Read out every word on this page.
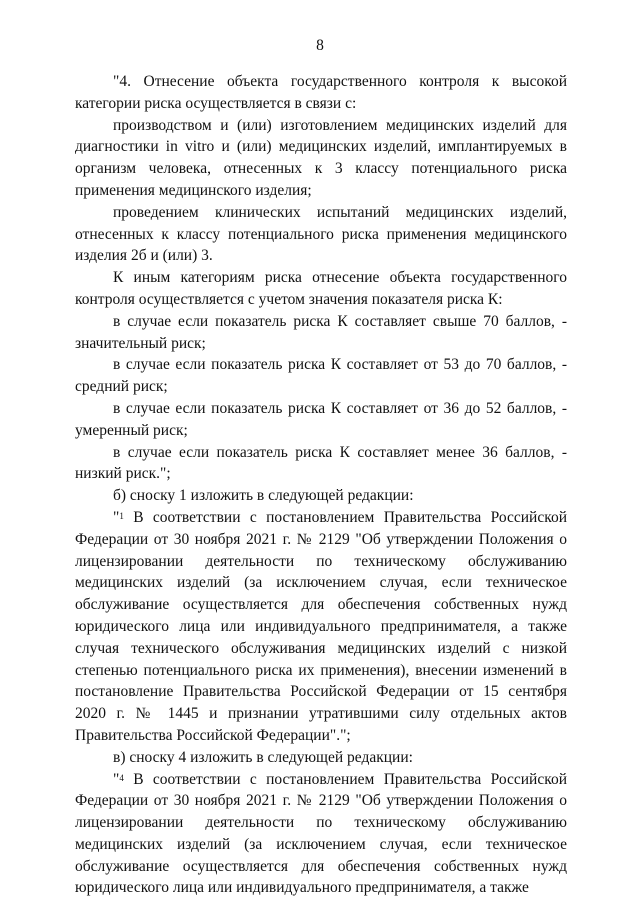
8

"4. Отнесение объекта государственного контроля к высокой категории риска осуществляется в связи с:

производством и (или) изготовлением медицинских изделий для диагностики in vitro и (или) медицинских изделий, имплантируемых в организм человека, отнесенных к 3 классу потенциального риска применения медицинского изделия;

проведением клинических испытаний медицинских изделий, отнесенных к классу потенциального риска применения медицинского изделия 2б и (или) 3.

К иным категориям риска отнесение объекта государственного контроля осуществляется с учетом значения показателя риска К:

в случае если показатель риска К составляет свыше 70 баллов, - значительный риск;

в случае если показатель риска К составляет от 53 до 70 баллов, - средний риск;

в случае если показатель риска К составляет от 36 до 52 баллов, - умеренный риск;

в случае если показатель риска К составляет менее 36 баллов, - низкий риск.";

б) сноску 1 изложить в следующей редакции:

"$^1$ В соответствии с постановлением Правительства Российской Федерации от 30 ноября 2021 г. № 2129 "Об утверждении Положения о лицензировании деятельности по техническому обслуживанию медицинских изделий (за исключением случая, если техническое обслуживание осуществляется для обеспечения собственных нужд юридического лица или индивидуального предпринимателя, а также случая технического обслуживания медицинских изделий с низкой степенью потенциального риска их применения), внесении изменений в постановление Правительства Российской Федерации от 15 сентября 2020 г. № 1445 и признании утратившими силу отдельных актов Правительства Российской Федерации".";

в) сноску 4 изложить в следующей редакции:

"$^4$ В соответствии с постановлением Правительства Российской Федерации от 30 ноября 2021 г. № 2129 "Об утверждении Положения о лицензировании деятельности по техническому обслуживанию медицинских изделий (за исключением случая, если техническое обслуживание осуществляется для обеспечения собственных нужд юридического лица или индивидуального предпринимателя, а также
